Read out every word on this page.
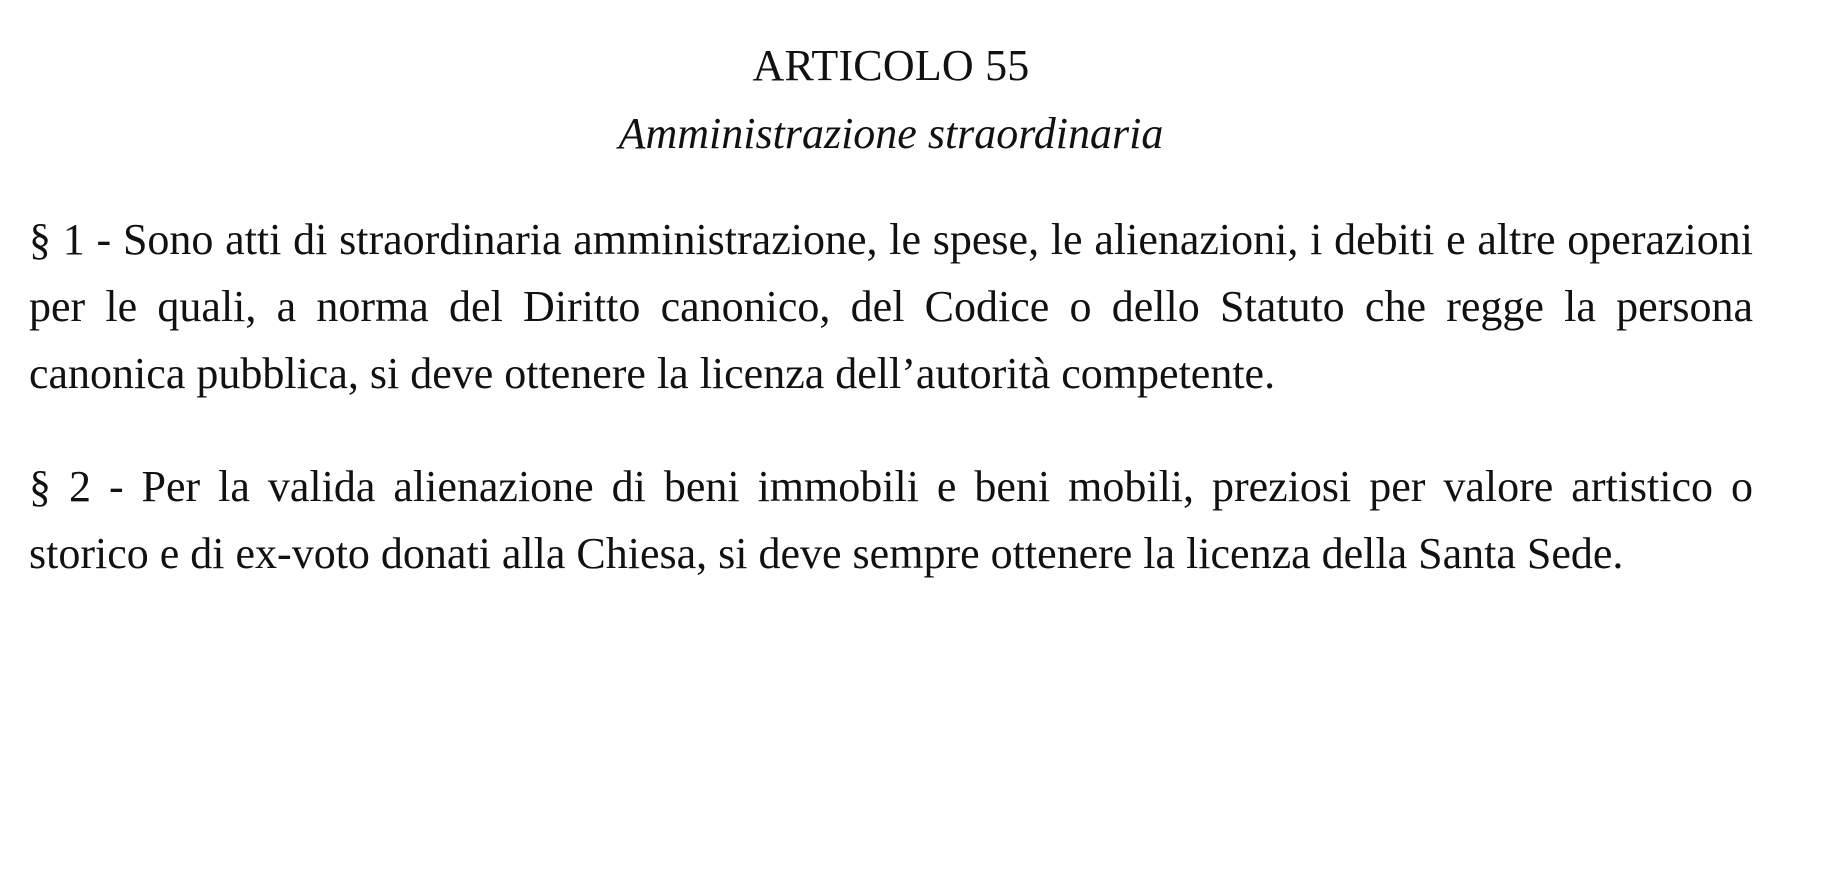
ARTICOLO 55
Amministrazione straordinaria

§ 1 - Sono atti di straordinaria amministrazione, le spese, le alienazioni, i debiti e altre operazioni per le quali, a norma del Diritto canonico, del Codice o dello Statuto che regge la persona canonica pubblica, si deve ottenere la licenza dell’autorità competente.

§ 2 - Per la valida alienazione di beni immobili e beni mobili, preziosi per valore artistico o storico e di ex-voto donati alla Chiesa, si deve sempre ottenere la licenza della Santa Sede.
